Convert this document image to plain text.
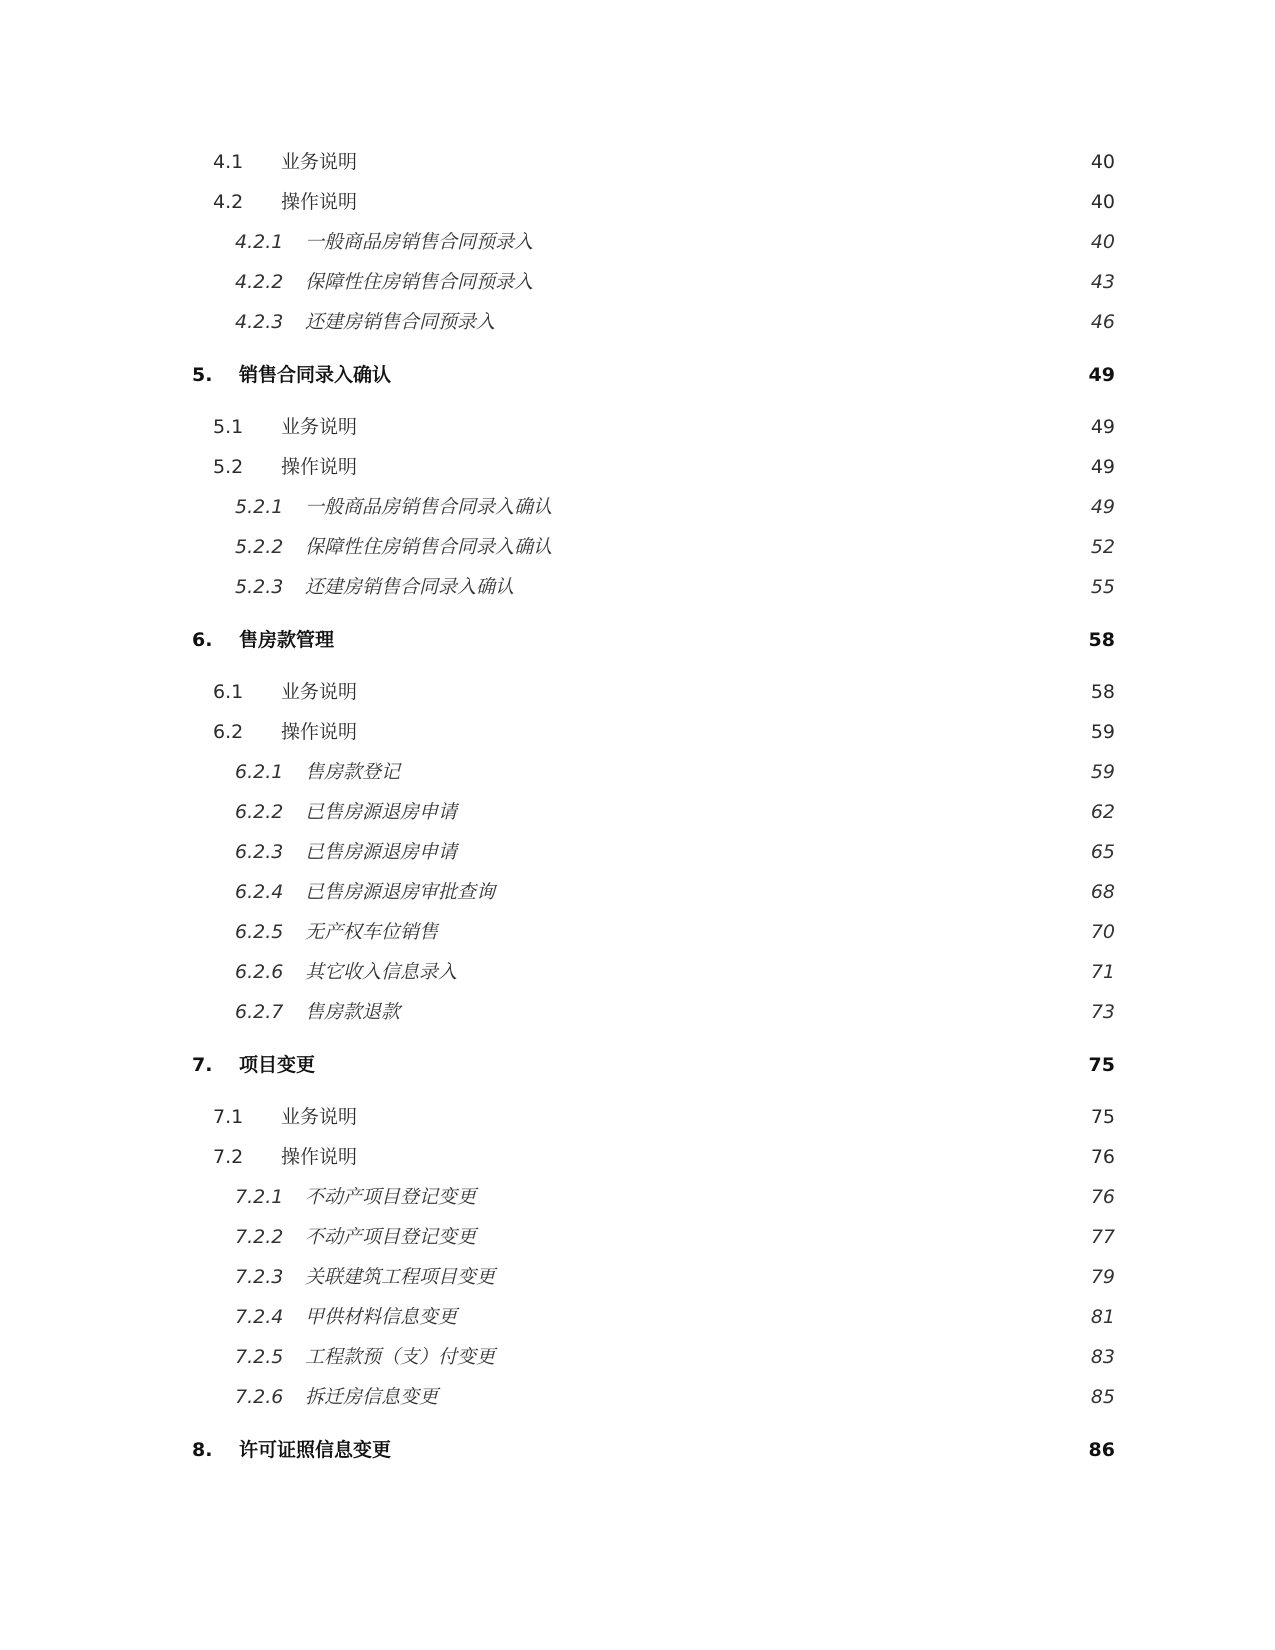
4.1 业务说明	40
4.2 操作说明	40
4.2.1 一般商品房销售合同预录入	40
4.2.2 保障性住房销售合同预录入	43
4.2.3 还建房销售合同预录入	46
5. 销售合同录入确认	49
5.1 业务说明	49
5.2 操作说明	49
5.2.1 一般商品房销售合同录入确认	49
5.2.2 保障性住房销售合同录入确认	52
5.2.3 还建房销售合同录入确认	55
6. 售房款管理	58
6.1 业务说明	58
6.2 操作说明	59
6.2.1 售房款登记	59
6.2.2 已售房源退房申请	62
6.2.3 已售房源退房申请	65
6.2.4 已售房源退房审批查询	68
6.2.5 无产权车位销售	70
6.2.6 其它收入信息录入	71
6.2.7 售房款退款	73
7. 项目变更	75
7.1 业务说明	75
7.2 操作说明	76
7.2.1 不动产项目登记变更	76
7.2.2 不动产项目登记变更	77
7.2.3 关联建筑工程项目变更	79
7.2.4 甲供材料信息变更	81
7.2.5 工程款预（支）付变更	83
7.2.6 拆迁房信息变更	85
8. 许可证照信息变更	86
